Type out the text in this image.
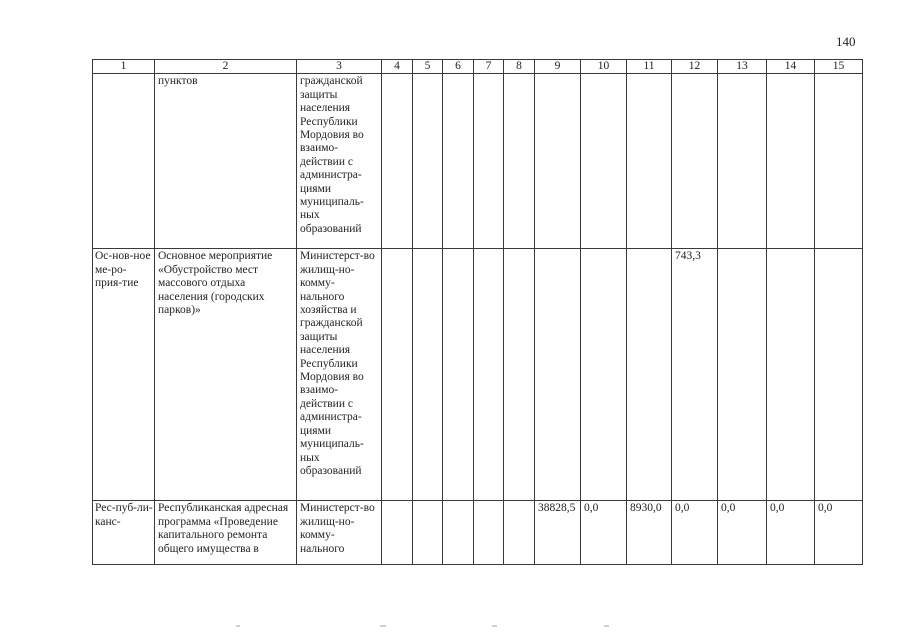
140
1	2	3	4	5	6	7	8	9	10	11	12	13	14	15
	пунктов	гражданской защиты населения Республики Мордовия во взаимо-действии с администра-циями муниципаль-ных образований												
Ос-нов-ное ме-ро-прия-тие	Основное мероприятие «Обустройство мест массового отдыха населения (городских парков)»	Министерст-во жилищ-но-комму-нального хозяйства и гражданской защиты населения Республики Мордовия во взаимо-действии с администра-циями муниципаль-ных образований									743,3			
Рес-пуб-ли-канс-	Республиканская адресная программа «Проведение капитального ремонта общего имущества в	Министерст-во жилищ-но-комму-нального						38828,5	0,0	8930,0	0,0	0,0	0,0	0,0
